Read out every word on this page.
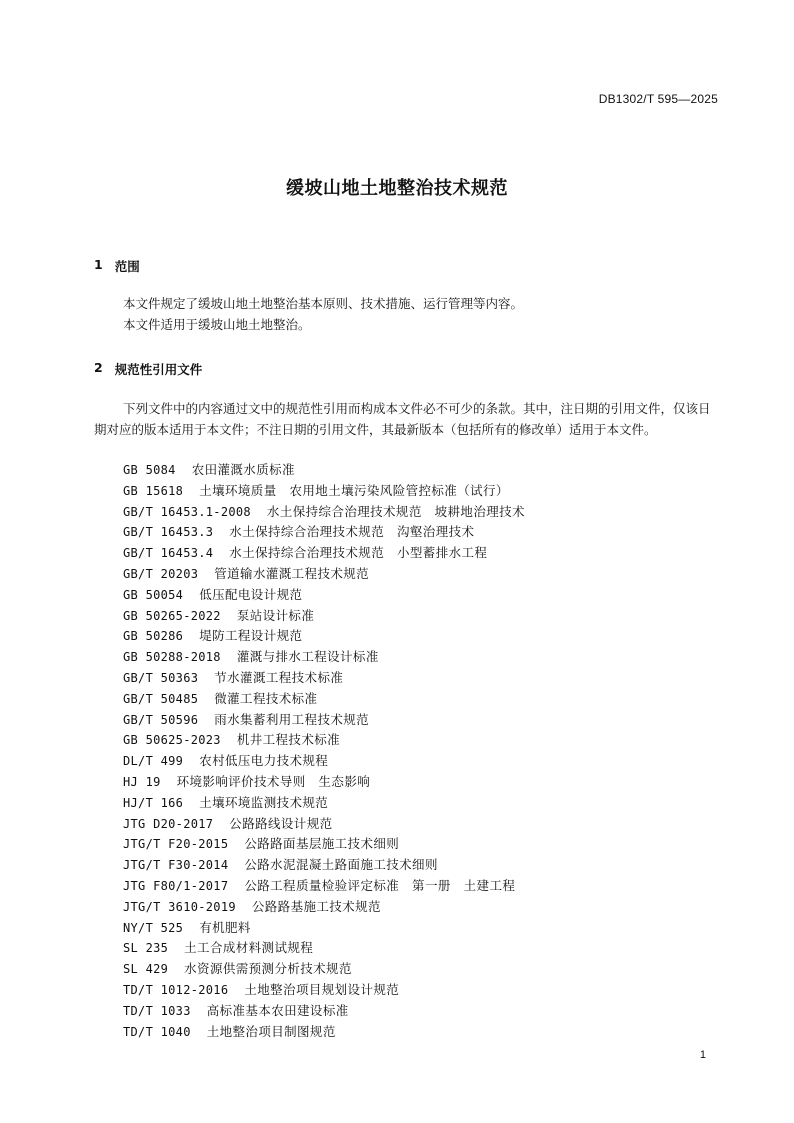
DB1302/T 595—2025
缓坡山地土地整治技术规范
1 范围

本文件规定了缓坡山地土地整治基本原则、技术措施、运行管理等内容。

本文件适用于缓坡山地土地整治。

2 规范性引用文件

下列文件中的内容通过文中的规范性引用而构成本文件必不可少的条款。其中，注日期的引用文件，仅该日期对应的版本适用于本文件；不注日期的引用文件，其最新版本（包括所有的修改单）适用于本文件。

GB 5084 农田灌溉水质标准
GB 15618 土壤环境质量　农用地土壤污染风险管控标准（试行）
GB/T 16453.1-2008 水土保持综合治理技术规范　坡耕地治理技术
GB/T 16453.3 水土保持综合治理技术规范　沟壑治理技术
GB/T 16453.4 水土保持综合治理技术规范　小型蓄排水工程
GB/T 20203 管道输水灌溉工程技术规范
GB 50054 低压配电设计规范
GB 50265-2022 泵站设计标准
GB 50286 堤防工程设计规范
GB 50288-2018 灌溉与排水工程设计标准
GB/T 50363 节水灌溉工程技术标准
GB/T 50485 微灌工程技术标准
GB/T 50596 雨水集蓄利用工程技术规范
GB 50625-2023 机井工程技术标准
DL/T 499 农村低压电力技术规程
HJ 19 环境影响评价技术导则　生态影响
HJ/T 166 土壤环境监测技术规范
JTG D20-2017 公路路线设计规范
JTG/T F20-2015 公路路面基层施工技术细则
JTG/T F30-2014 公路水泥混凝土路面施工技术细则
JTG F80/1-2017 公路工程质量检验评定标准　第一册　土建工程
JTG/T 3610-2019 公路路基施工技术规范
NY/T 525 有机肥料
SL 235 土工合成材料测试规程
SL 429 水资源供需预测分析技术规范
TD/T 1012-2016 土地整治项目规划设计规范
TD/T 1033 高标准基本农田建设标准
TD/T 1040 土地整治项目制图规范
1
